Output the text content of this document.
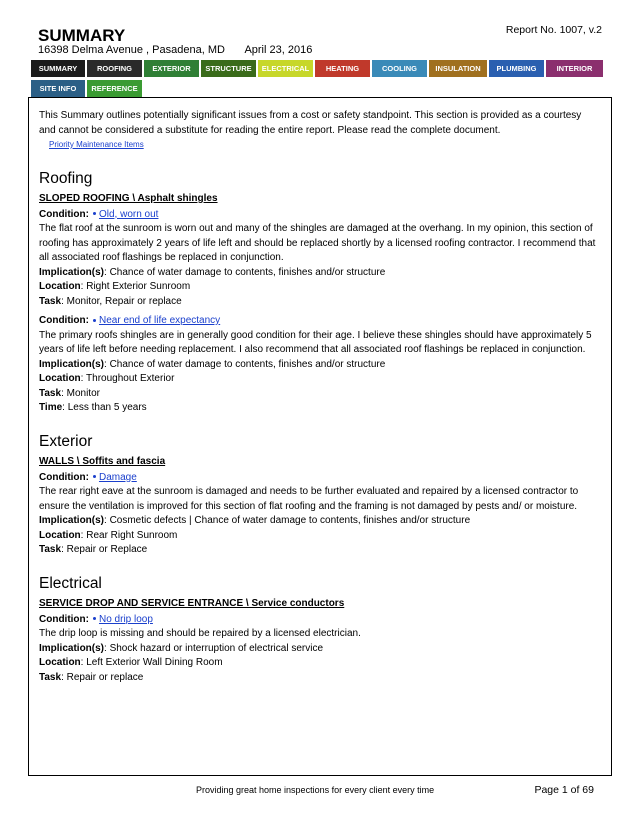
SUMMARY
16398 Delma Avenue , Pasadena, MD April 23, 2016
Report No. 1007, v.2
SUMMARY	ROOFING	EXTERIOR	STRUCTURE	ELECTRICAL	HEATING	COOLING	INSULATION	PLUMBING	INTERIOR
SITE INFO	REFERENCE
This Summary outlines potentially significant issues from a cost or safety standpoint. This section is provided as a courtesy and cannot be considered a substitute for reading the entire report. Please read the complete document.
Priority Maintenance Items
Roofing
SLOPED ROOFING \ Asphalt shingles
Condition: Old, worn out
The flat roof at the sunroom is worn out and many of the shingles are damaged at the overhang. In my opinion, this section of roofing has approximately 2 years of life left and should be replaced shortly by a licensed roofing contractor. I recommend that all associated roof flashings be replaced in conjunction.
Implication(s): Chance of water damage to contents, finishes and/or structure
Location: Right Exterior Sunroom
Task: Monitor, Repair or replace
Condition: Near end of life expectancy
The primary roofs shingles are in generally good condition for their age. I believe these shingles should have approximately 5 years of life left before needing replacement. I also recommend that all associated roof flashings be replaced in conjunction.
Implication(s): Chance of water damage to contents, finishes and/or structure
Location: Throughout Exterior
Task: Monitor
Time: Less than 5 years
Exterior
WALLS \ Soffits and fascia
Condition: Damage
The rear right eave at the sunroom is damaged and needs to be further evaluated and repaired by a licensed contractor to ensure the ventilation is improved for this section of flat roofing and the framing is not damaged by pests and/ or moisture.
Implication(s): Cosmetic defects | Chance of water damage to contents, finishes and/or structure
Location: Rear Right Sunroom
Task: Repair or Replace
Electrical
SERVICE DROP AND SERVICE ENTRANCE \ Service conductors
Condition: No drip loop
The drip loop is missing and should be repaired by a licensed electrician.
Implication(s): Shock hazard or interruption of electrical service
Location: Left Exterior Wall Dining Room
Task: Repair or replace
Providing great home inspections for every client every time	Page 1 of 69
